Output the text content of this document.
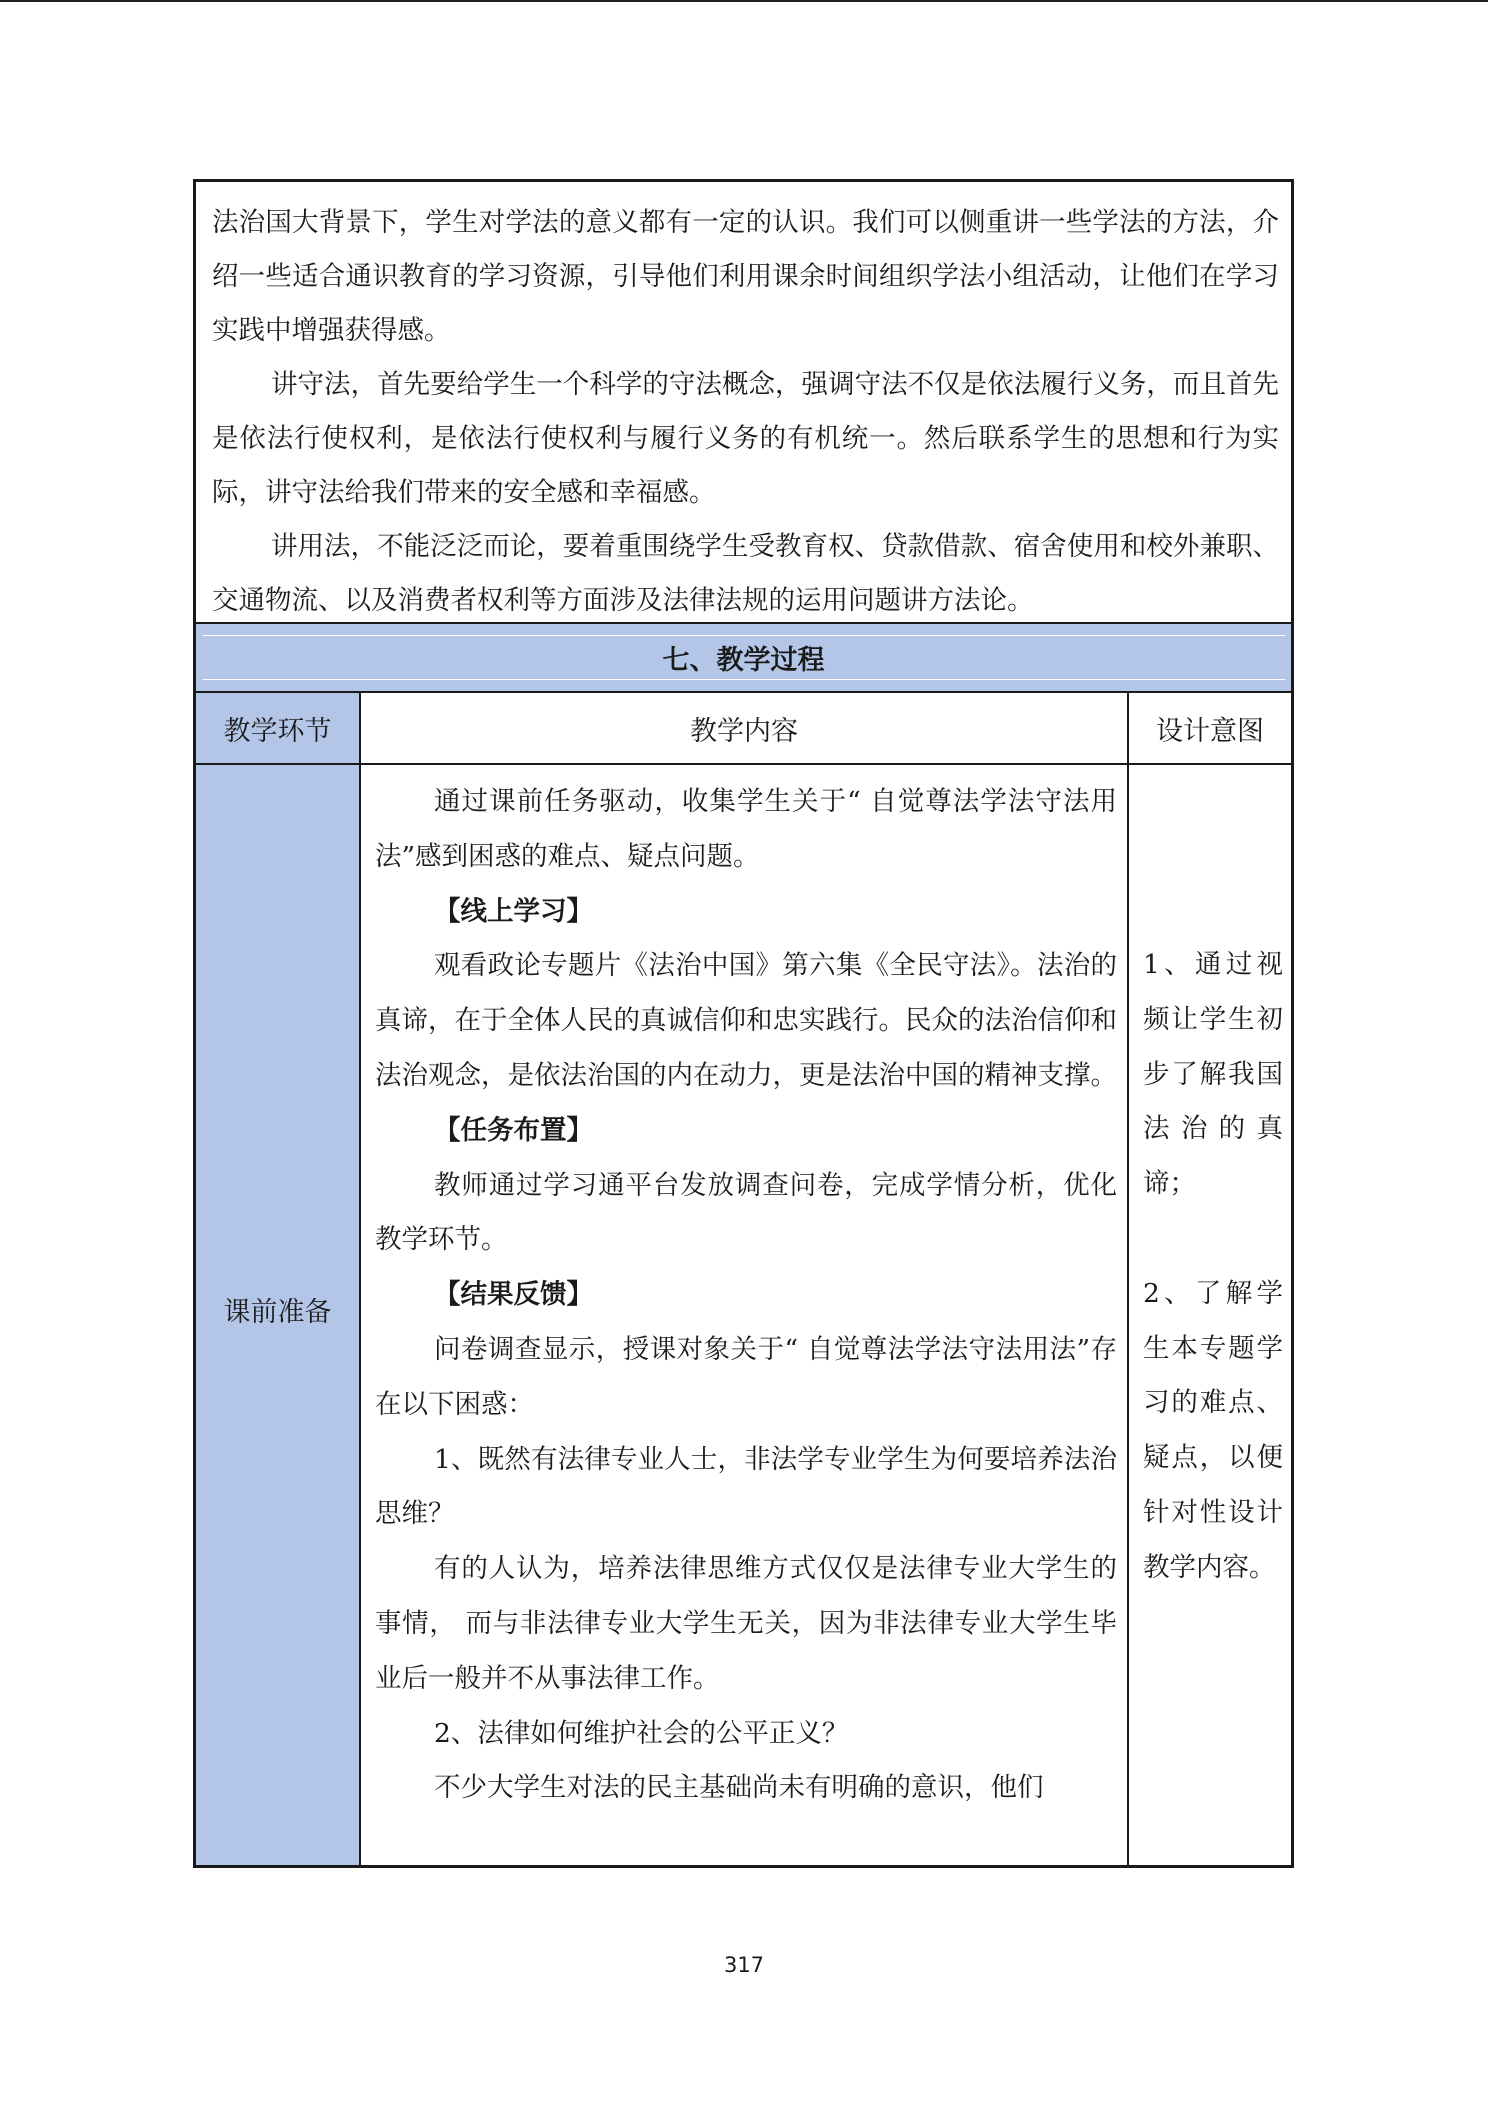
法治国大背景下，学生对学法的意义都有一定的认识。我们可以侧重讲一些学法的方法，介绍一些适合通识教育的学习资源，引导他们利用课余时间组织学法小组活动，让他们在学习实践中增强获得感。

讲守法，首先要给学生一个科学的守法概念，强调守法不仅是依法履行义务，而且首先是依法行使权利，是依法行使权利与履行义务的有机统一。然后联系学生的思想和行为实际，讲守法给我们带来的安全感和幸福感。

讲用法，不能泛泛而论，要着重围绕学生受教育权、贷款借款、宿舍使用和校外兼职、交通物流、以及消费者权利等方面涉及法律法规的运用问题讲方法论。

七、教学过程
教学环节	教学内容	设计意图
课前准备

通过课前任务驱动，收集学生关于“ 自觉尊法学法守法用法”感到困惑的难点、疑点问题。

【线上学习】

观看政论专题片《法治中国》第六集《全民守法》。法治的真谛，在于全体人民的真诚信仰和忠实践行。民众的法治信仰和法治观念，是依法治国的内在动力，更是法治中国的精神支撑。

【任务布置】

教师通过学习通平台发放调查问卷，完成学情分析，优化教学环节。

【结果反馈】

问卷调查显示，授课对象关于“ 自觉尊法学法守法用法”存在以下困惑：

1、既然有法律专业人士，非法学专业学生为何要培养法治思维？

有的人认为，培养法律思维方式仅仅是法律专业大学生的事情， 而与非法律专业大学生无关，因为非法律专业大学生毕业后一般并不从事法律工作。

2、法律如何维护社会的公平正义？

不少大学生对法的民主基础尚未有明确的意识，他们

1、通过视频让学生初步了解我国法治的真谛；

2、了解学生本专题学习的难点、疑点，以便针对性设计教学内容。

317
